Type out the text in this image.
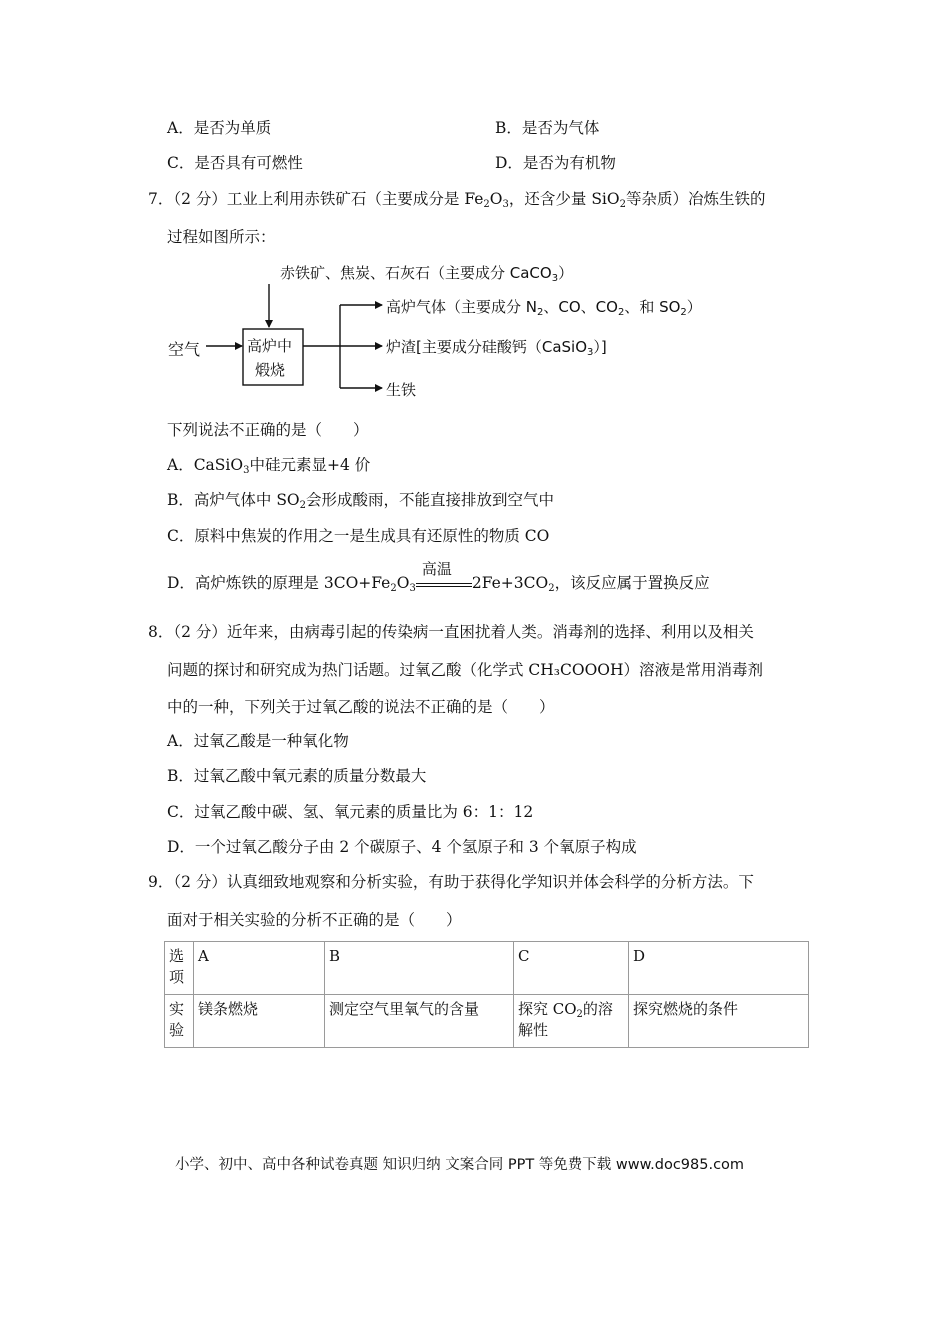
A．是否为单质	B．是否为气体
C．是否具有可燃性	D．是否为有机物
7．（2 分）工业上利用赤铁矿石（主要成分是 $Fe_2O_3$，还含少量 SiO$_2$等杂质）冶炼生铁的
过程如图所示：
赤铁矿、焦炭、石灰石（主要成分 CaCO$_3$）
空气	高炉中
煅烧
高炉气体（主要成分 $N_2$、CO、$CO_2$、和 $SO_2$）
炉渣[主要成分硅酸钙（CaSiO$_3$）]
生铁
下列说法不正确的是（　　）
A．CaSiO$_3$中硅元素显+4 价
B．高炉气体中 $SO_2$会形成酸雨，不能直接排放到空气中
C．原料中焦炭的作用之一是生成具有还原性的物质 CO
D．高炉炼铁的原理是 $3CO+Fe_2O_3$
高温
$2Fe+3CO_2$，该反应属于置换反应
8．（2 分）近年来，由病毒引起的传染病一直困扰着人类。消毒剂的选择、利用以及相关
问题的探讨和研究成为热门话题。过氧乙酸（化学式 CH₃COOOH）溶液是常用消毒剂
中的一种，下列关于过氧乙酸的说法不正确的是（　　）
A．过氧乙酸是一种氧化物
B．过氧乙酸中氧元素的质量分数最大
C．过氧乙酸中碳、氢、氧元素的质量比为 6：1：12
D．一个过氧乙酸分子由 2 个碳原子、4 个氢原子和 3 个氧原子构成
9．（2 分）认真细致地观察和分析实验，有助于获得化学知识并体会科学的分析方法。下
面对于相关实验的分析不正确的是（　　）
选项	A	B	C	D
实验	镁条燃烧	测定空气里氧气的含量	探究 $CO_2$的溶解性	探究燃烧的条件
小学、初中、高中各种试卷真题 知识归纳 文案合同 PPT 等免费下载 www.doc985.com
